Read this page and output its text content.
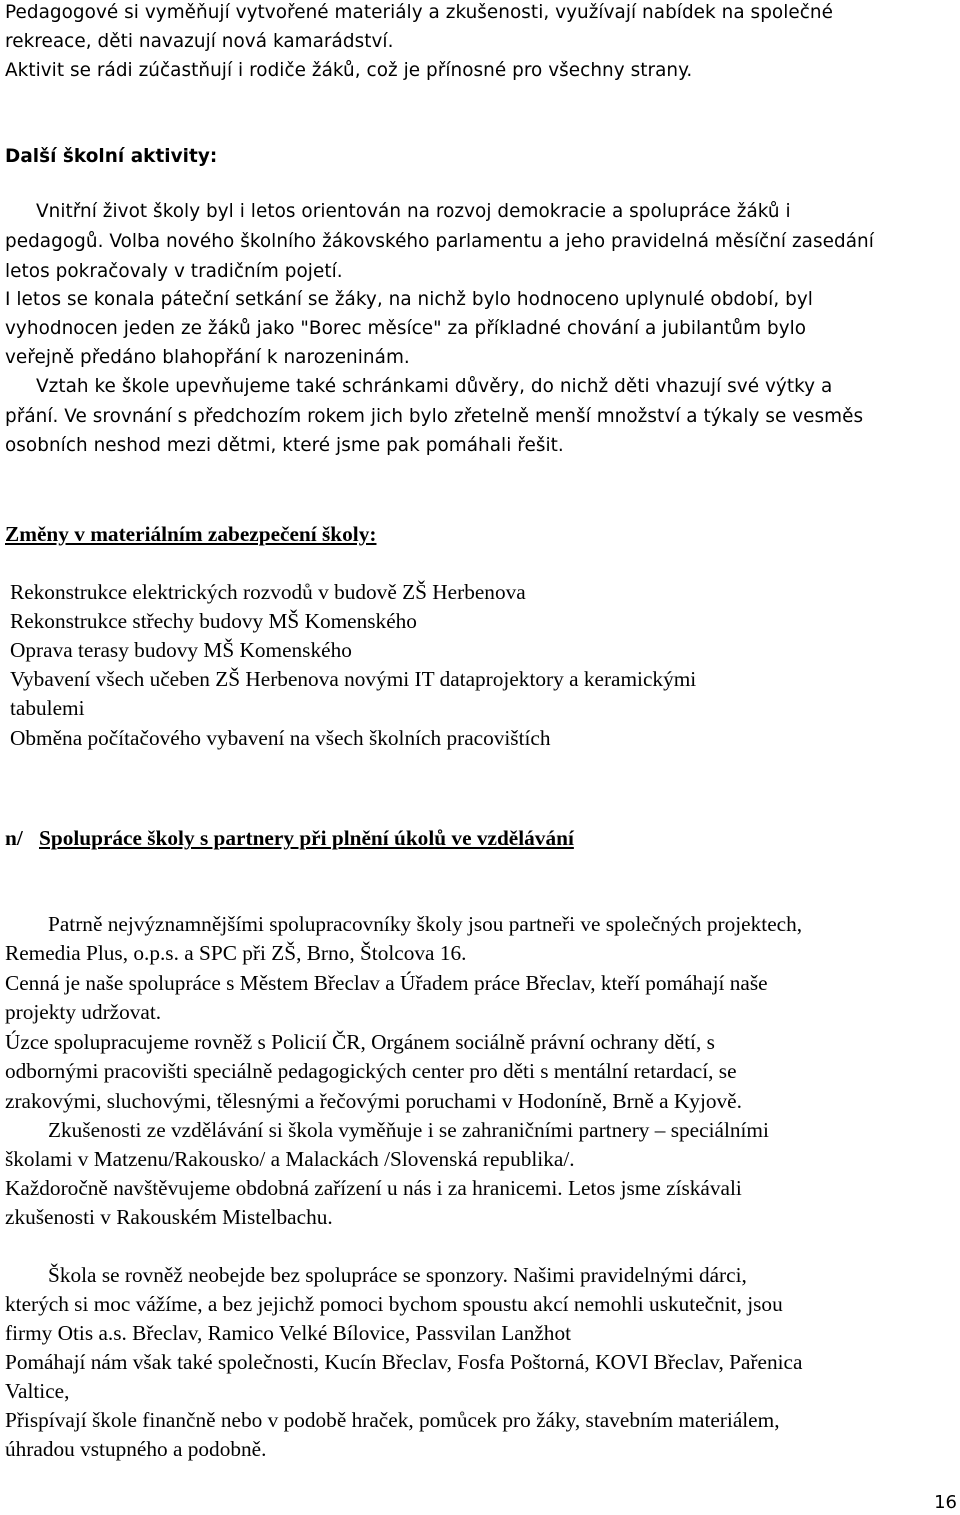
Pedagogové si vyměňují vytvořené materiály a zkušenosti, využívají nabídek na společné
rekreace, děti navazují nová kamarádství.
Aktivit se rádi zúčastňují i rodiče žáků, což je přínosné pro všechny strany.
Další školní aktivity:
Vnitřní život školy byl i letos orientován na rozvoj demokracie a spolupráce žáků i
pedagogů. Volba nového školního žákovského parlamentu a jeho pravidelná měsíční zasedání
letos pokračovaly v tradičním pojetí.
I letos se konala páteční setkání se žáky, na nichž bylo hodnoceno uplynulé období, byl
vyhodnocen jeden ze žáků jako "Borec měsíce" za příkladné chování a jubilantům bylo
veřejně předáno blahopřání k narozeninám.
Vztah ke škole upevňujeme také schránkami důvěry, do nichž děti vhazují své výtky a
přání. Ve srovnání s předchozím rokem jich bylo zřetelně menší množství a týkaly se vesměs
osobních neshod mezi dětmi, které jsme pak pomáhali řešit.
Změny v materiálním zabezpečení školy:
Rekonstrukce elektrických rozvodů v budově ZŠ Herbenova
Rekonstrukce střechy budovy MŠ Komenského
Oprava terasy budovy MŠ Komenského
Vybavení všech učeben ZŠ Herbenova novými IT dataprojektory a keramickými
tabulemi
Obměna počítačového vybavení na všech školních pracovištích
n/ Spolupráce školy s partnery při plnění úkolů ve vzdělávání
Patrně nejvýznamnějšími spolupracovníky školy jsou partneři ve společných projektech,
Remedia Plus, o.p.s. a SPC při ZŠ, Brno, Štolcova 16.
Cenná je naše spolupráce s Městem Břeclav a Úřadem práce Břeclav, kteří pomáhají naše
projekty udržovat.
Úzce spolupracujeme rovněž s Policií ČR, Orgánem sociálně právní ochrany dětí, s
odbornými pracovišti speciálně pedagogických center pro děti s mentální retardací, se
zrakovými, sluchovými, tělesnými a řečovými poruchami v Hodoníně, Brně a Kyjově.
Zkušenosti ze vzdělávání si škola vyměňuje i se zahraničními partnery – speciálními
školami v Matzenu/Rakousko/ a Malackách /Slovenská republika/.
Každoročně navštěvujeme obdobná zařízení u nás i za hranicemi. Letos jsme získávali
zkušenosti v Rakouském Mistelbachu.
Škola se rovněž neobejde bez spolupráce se sponzory. Našimi pravidelnými dárci,
kterých si moc vážíme, a bez jejichž pomoci bychom spoustu akcí nemohli uskutečnit, jsou
firmy Otis a.s. Břeclav, Ramico Velké Bílovice, Passvilan Lanžhot
Pomáhají nám však také společnosti, Kucín Břeclav, Fosfa Poštorná, KOVI Břeclav, Pařenica
Valtice,
Přispívají škole finančně nebo v podobě hraček, pomůcek pro žáky, stavebním materiálem,
úhradou vstupného a podobně.
16
